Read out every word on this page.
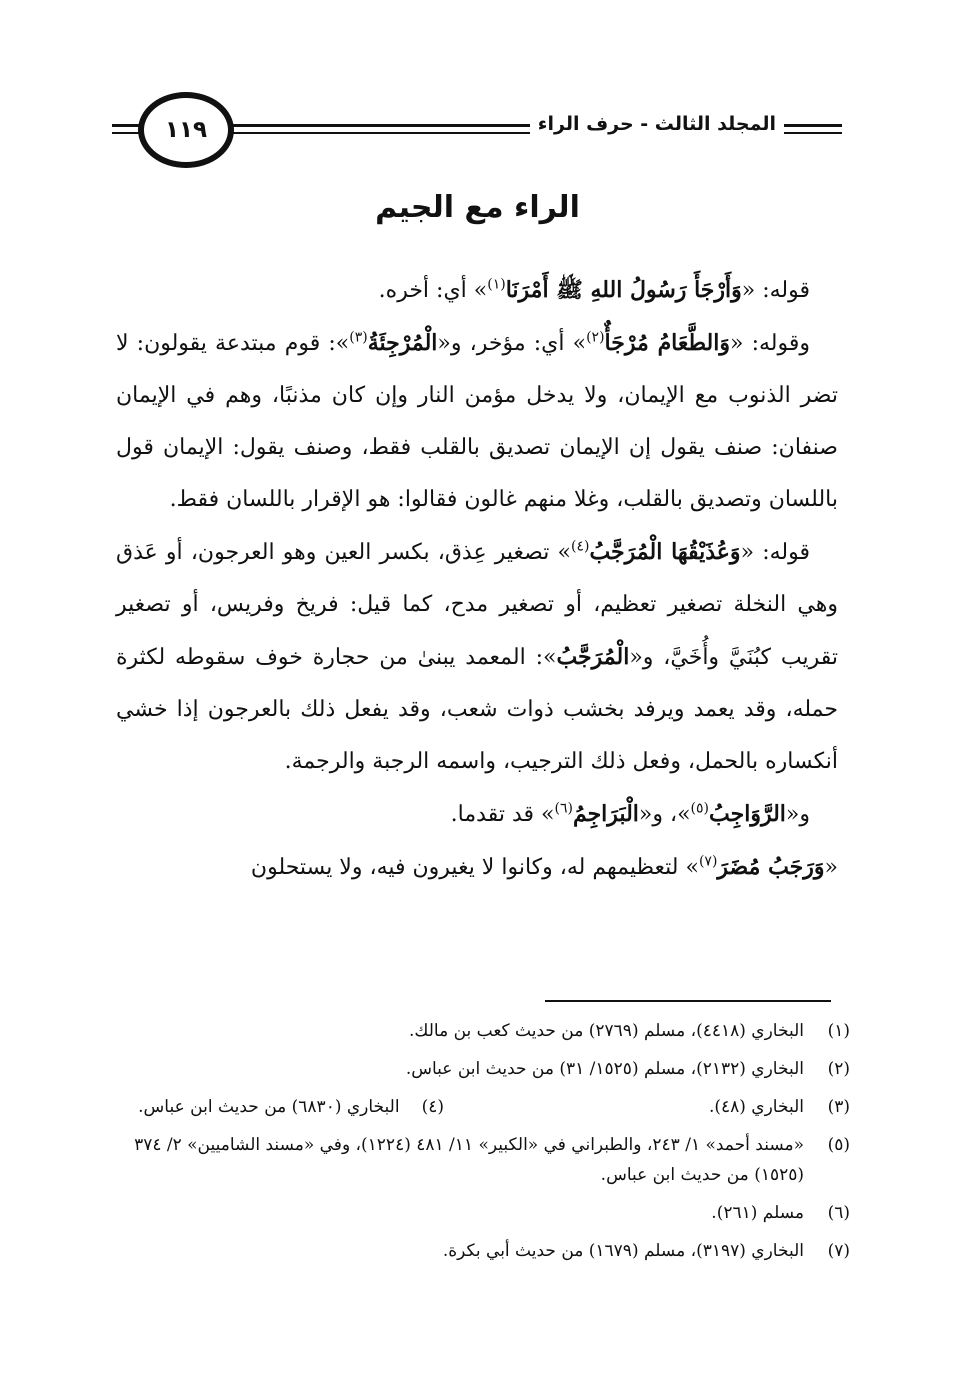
١١٩	المجلد الثالث - حرف الراء
الراء مع الجيم

قوله: «وَأَرْجَأَ رَسُولُ اللهِ ﷺ أَمْرَنَا$^{(١)}$» أي: أخره.

وقوله: «وَالطَّعَامُ مُرْجَأٌ$^{(٢)}$» أي: مؤخر، و«الْمُرْجِئَةُ$^{(٣)}$»: قوم مبتدعة يقولون: لا تضر الذنوب مع الإيمان، ولا يدخل مؤمن النار وإن كان مذنبًا، وهم في الإيمان صنفان: صنف يقول إن الإيمان تصديق بالقلب فقط، وصنف يقول: الإيمان قول باللسان وتصديق بالقلب، وغلا منهم غالون فقالوا: هو الإقرار باللسان فقط.

قوله: «وَعُذَيْقُهَا الْمُرَجَّبُ$^{(٤)}$» تصغير عِذق، بكسر العين وهو العرجون، أو عَذق وهي النخلة تصغير تعظيم، أو تصغير مدح، كما قيل: فريخ وفريس، أو تصغير تقريب كبُنَيَّ وأُخَيَّ، و«الْمُرَجَّبُ»: المعمد يبنىٰ من حجارة خوف سقوطه لكثرة حمله، وقد يعمد ويرفد بخشب ذوات شعب، وقد يفعل ذلك بالعرجون إذا خشي أنكساره بالحمل، وفعل ذلك الترجيب، واسمه الرجبة والرجمة.

و«الرَّوَاجِبُ$^{(٥)}$»، و«الْبَرَاجِمُ$^{(٦)}$» قد تقدما.

«وَرَجَبُ مُضَرَ$^{(٧)}$» لتعظيمهم له، وكانوا لا يغيرون فيه، ولا يستحلون

(١)
البخاري (٤٤١٨)، مسلم (٢٧٦٩) من حديث كعب بن مالك.
(٢)
البخاري (٢١٣٢)، مسلم (١٥٢٥/ ٣١) من حديث ابن عباس.
(٣)
البخاري (٤٨).
(٤)
البخاري (٦٨٣٠) من حديث ابن عباس.
(٥)
«مسند أحمد» ١/ ٢٤٣، والطبراني في «الكبير» ١١/ ٤٨١ (١٢٢٤)، وفي «مسند الشاميين» ٢/ ٣٧٤ (١٥٢٥) من حديث ابن عباس.
(٦)
مسلم (٢٦١).
(٧)
البخاري (٣١٩٧)، مسلم (١٦٧٩) من حديث أبي بكرة.
